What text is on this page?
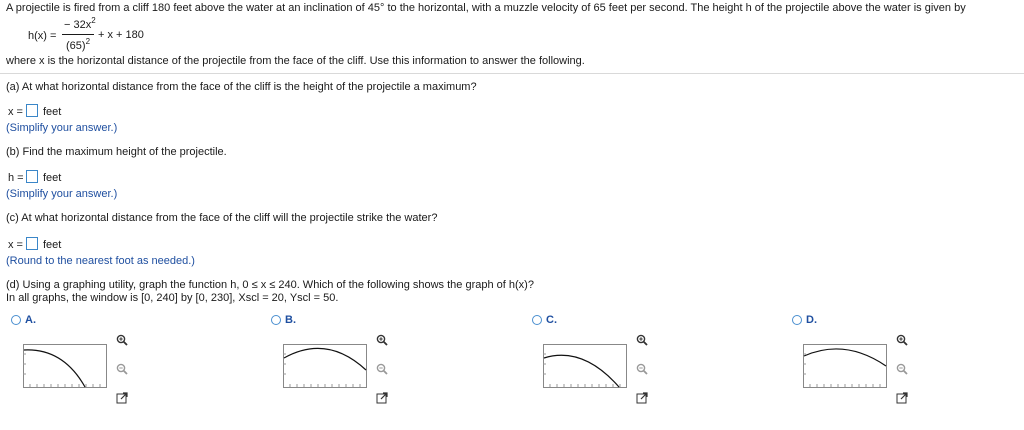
A projectile is fired from a cliff 180 feet above the water at an inclination of 45° to the horizontal, with a muzzle velocity of 65 feet per second. The height h of the projectile above the water is given by
h(x) =
− $32x^2$
$(65)^2$
+ x + 180
where x is the horizontal distance of the projectile from the face of the cliff. Use this information to answer the following.
(a) At what horizontal distance from the face of the cliff is the height of the projectile a maximum?
x = feet
(Simplify your answer.)
(b) Find the maximum height of the projectile.
h = feet
(Simplify your answer.)
(c) At what horizontal distance from the face of the cliff will the projectile strike the water?
x = feet
(Round to the nearest foot as needed.)
(d) Using a graphing utility, graph the function h, 0 ≤ x ≤ 240. Which of the following shows the graph of h(x)?
In all graphs, the window is [0, 240] by [0, 230], Xscl = 20, Yscl = 50.
A.	B.	C.	D.
